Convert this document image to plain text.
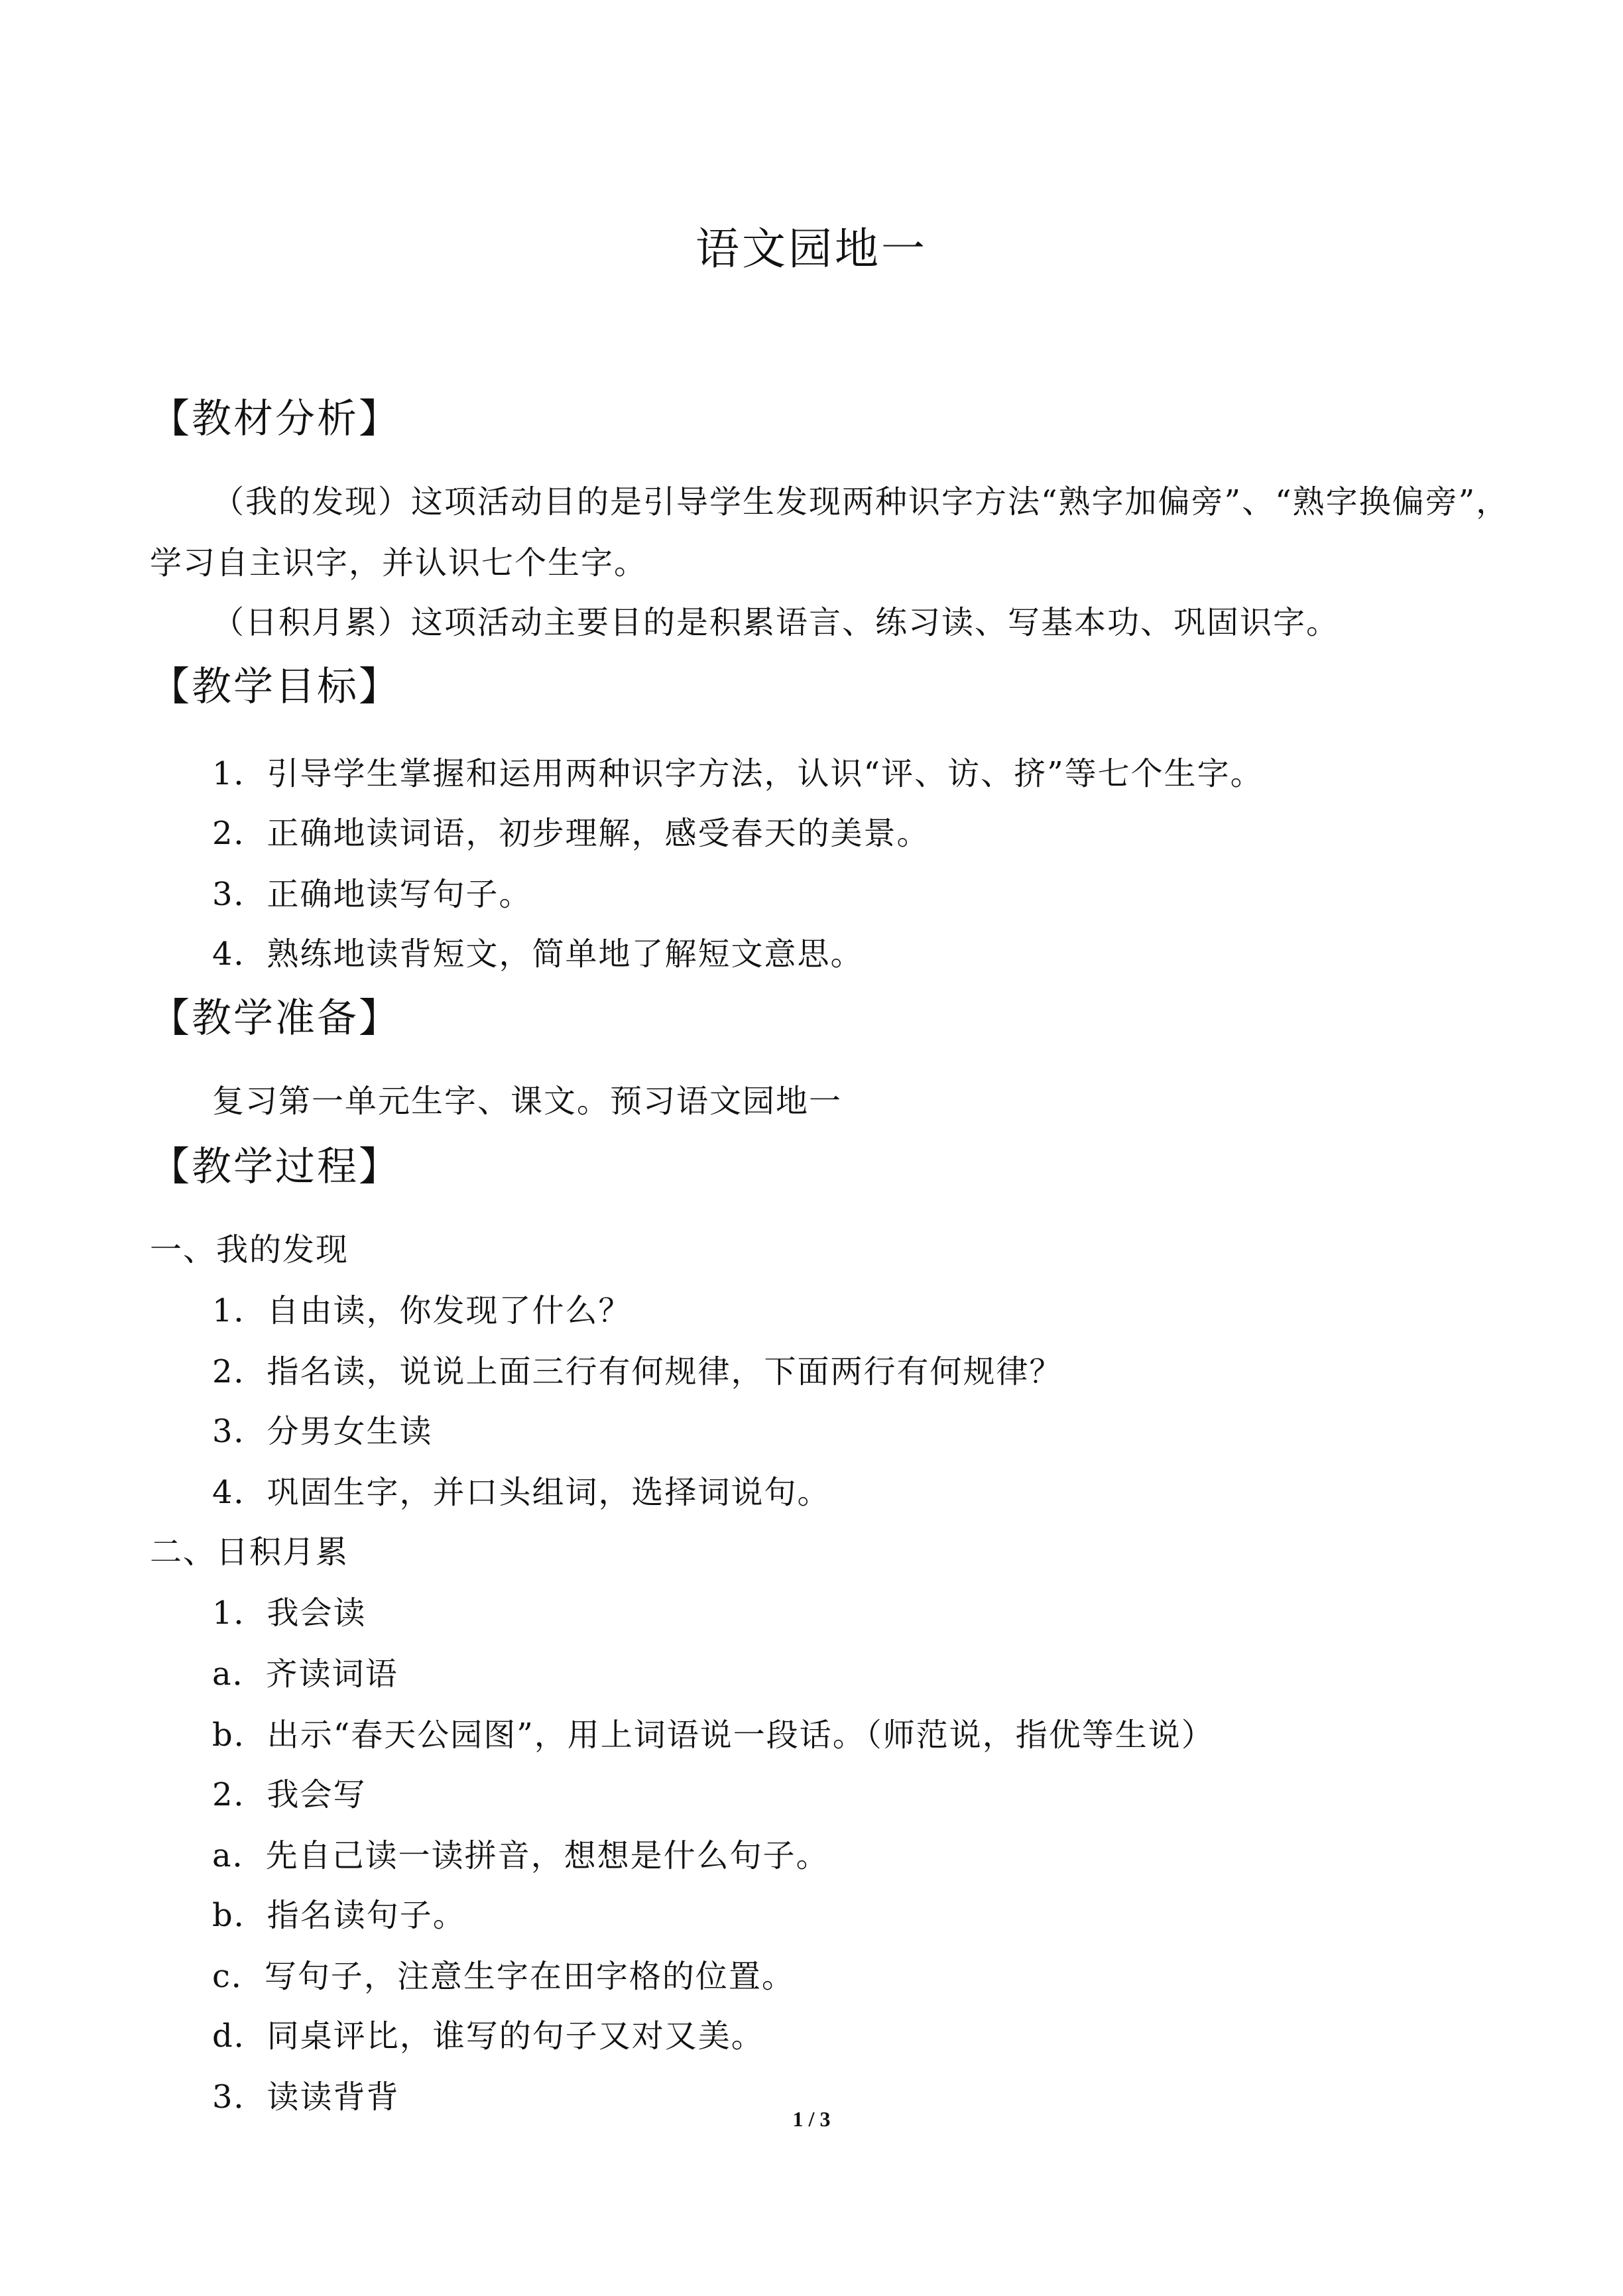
语文园地一
【教材分析】
（我的发现）这项活动目的是引导学生发现两种识字方法“熟字加偏旁”、“熟字换偏旁”，
学习自主识字，并认识七个生字。
（日积月累）这项活动主要目的是积累语言、练习读、写基本功、巩固识字。
【教学目标】
1．引导学生掌握和运用两种识字方法，认识“评、访、挤”等七个生字。
2．正确地读词语，初步理解，感受春天的美景。
3．正确地读写句子。
4．熟练地读背短文，简单地了解短文意思。
【教学准备】
复习第一单元生字、课文。预习语文园地一
【教学过程】
一、我的发现
1．自由读，你发现了什么？
2．指名读，说说上面三行有何规律，下面两行有何规律？
3．分男女生读
4．巩固生字，并口头组词，选择词说句。
二、日积月累
1．我会读
a．齐读词语
b．出示“春天公园图”，用上词语说一段话。（师范说，指优等生说）
2．我会写
a．先自己读一读拼音，想想是什么句子。
b．指名读句子。
c．写句子，注意生字在田字格的位置。
d．同桌评比，谁写的句子又对又美。
3．读读背背
1 / 3
